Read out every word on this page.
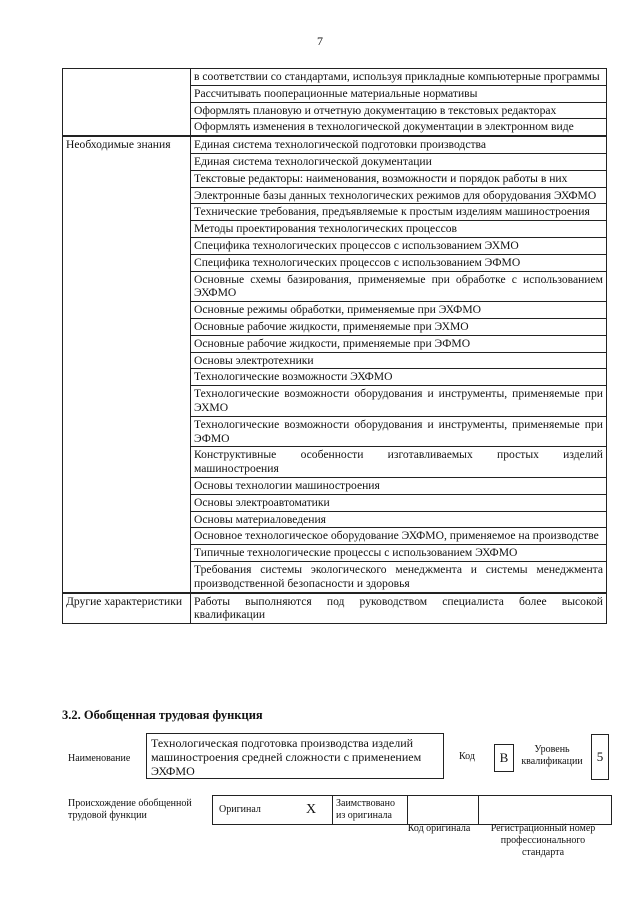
7
	в соответствии со стандартами, используя прикладные компьютерные программы
	Рассчитывать пооперационные материальные нормативы
	Оформлять плановую и отчетную документацию в текстовых редакторах
	Оформлять изменения в технологической документации в электронном виде
Необходимые знания	Единая система технологической подготовки производства
	Единая система технологической документации
	Текстовые редакторы: наименования, возможности и порядок работы в них
	Электронные базы данных технологических режимов для оборудования ЭХФМО
	Технические требования, предъявляемые к простым изделиям машиностроения
	Методы проектирования технологических процессов
	Специфика технологических процессов с использованием ЭХМО
	Специфика технологических процессов с использованием ЭФМО
	Основные схемы базирования, применяемые при обработке с использованием ЭХФМО
	Основные режимы обработки, применяемые при ЭХФМО
	Основные рабочие жидкости, применяемые при ЭХМО
	Основные рабочие жидкости, применяемые при ЭФМО
	Основы электротехники
	Технологические возможности ЭХФМО
	Технологические возможности оборудования и инструменты, применяемые при ЭХМО
	Технологические возможности оборудования и инструменты, применяемые при ЭФМО
	Конструктивные особенности изготавливаемых простых изделий машиностроения
	Основы технологии машиностроения
	Основы электроавтоматики
	Основы материаловедения
	Основное технологическое оборудование ЭХФМО, применяемое на производстве
	Типичные технологические процессы с использованием ЭХФМО
	Требования системы экологического менеджмента и системы менеджмента производственной безопасности и здоровья
Другие характеристики	Работы выполняются под руководством специалиста более высокой квалификации
3.2. Обобщенная трудовая функция
Наименование
Технологическая подготовка производства изделий машиностроения средней сложности с применением ЭХФМО
Код	В
Уровень квалификации	5
Происхождение обобщенной трудовой функции
Оригинал	X	Заимствовано из оригинала		
Код оригинала	Регистрационный номер профессионального стандарта
